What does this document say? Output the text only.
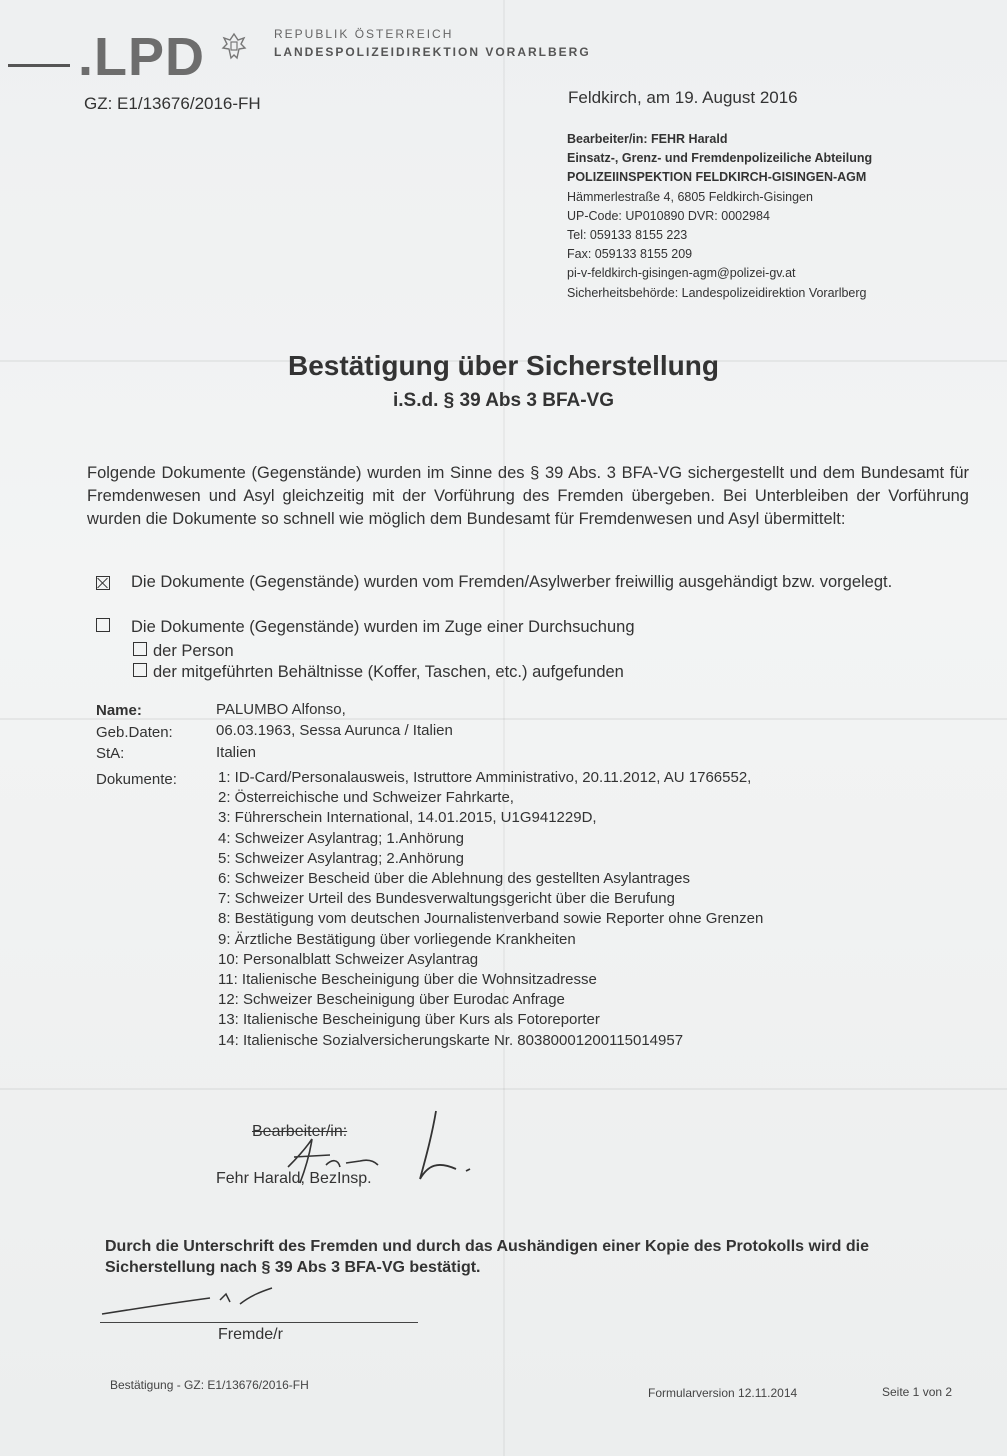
.LPD	REPUBLIK ÖSTERREICH
LANDESPOLIZEIDIREKTION VORARLBERG
GZ: E1/13676/2016-FH	Feldkirch, am 19. August 2016
Bearbeiter/in: FEHR Harald
Einsatz-, Grenz- und Fremdenpolizeiliche Abteilung
POLIZEIINSPEKTION FELDKIRCH-GISINGEN-AGM
Hämmerlestraße 4, 6805 Feldkirch-Gisingen
UP-Code: UP010890 DVR: 0002984
Tel: 059133 8155 223
Fax: 059133 8155 209
pi-v-feldkirch-gisingen-agm@polizei-gv.at
Sicherheitsbehörde: Landespolizeidirektion Vorarlberg
Bestätigung über Sicherstellung
i.S.d. § 39 Abs 3 BFA-VG
Folgende Dokumente (Gegenstände) wurden im Sinne des § 39 Abs. 3 BFA-VG sichergestellt und dem Bundesamt für Fremdenwesen und Asyl gleichzeitig mit der Vorführung des Fremden übergeben. Bei Unterbleiben der Vorführung wurden die Dokumente so schnell wie möglich dem Bundesamt für Fremdenwesen und Asyl übermittelt:
Die Dokumente (Gegenstände) wurden vom Fremden/Asylwerber freiwillig ausgehändigt bzw. vorgelegt.
Die Dokumente (Gegenstände) wurden im Zuge einer Durchsuchung
der Person
der mitgeführten Behältnisse (Koffer, Taschen, etc.) aufgefunden
Name:	PALUMBO Alfonso,
Geb.Daten:	06.03.1963, Sessa Aurunca / Italien
StA:	Italien
Dokumente:	1: ID-Card/Personalausweis, Istruttore Amministrativo, 20.11.2012, AU 1766552,
2: Österreichische und Schweizer Fahrkarte,
3: Führerschein International, 14.01.2015, U1G941229D,
4: Schweizer Asylantrag; 1.Anhörung
5: Schweizer Asylantrag; 2.Anhörung
6: Schweizer Bescheid über die Ablehnung des gestellten Asylantrages
7: Schweizer Urteil des Bundesverwaltungsgericht über die Berufung
8: Bestätigung vom deutschen Journalistenverband sowie Reporter ohne Grenzen
9: Ärztliche Bestätigung über vorliegende Krankheiten
10: Personalblatt Schweizer Asylantrag
11: Italienische Bescheinigung über die Wohnsitzadresse
12: Schweizer Bescheinigung über Eurodac Anfrage
13: Italienische Bescheinigung über Kurs als Fotoreporter
14: Italienische Sozialversicherungskarte Nr. 80380001200115014957
Bearbeiter/in:
Fehr Harald, BezInsp.
Durch die Unterschrift des Fremden und durch das Aushändigen einer Kopie des Protokolls wird die Sicherstellung nach § 39 Abs 3 BFA-VG bestätigt.
Fremde/r
Bestätigung - GZ: E1/13676/2016-FH
Formularversion 12.11.2014	Seite 1 von 2
